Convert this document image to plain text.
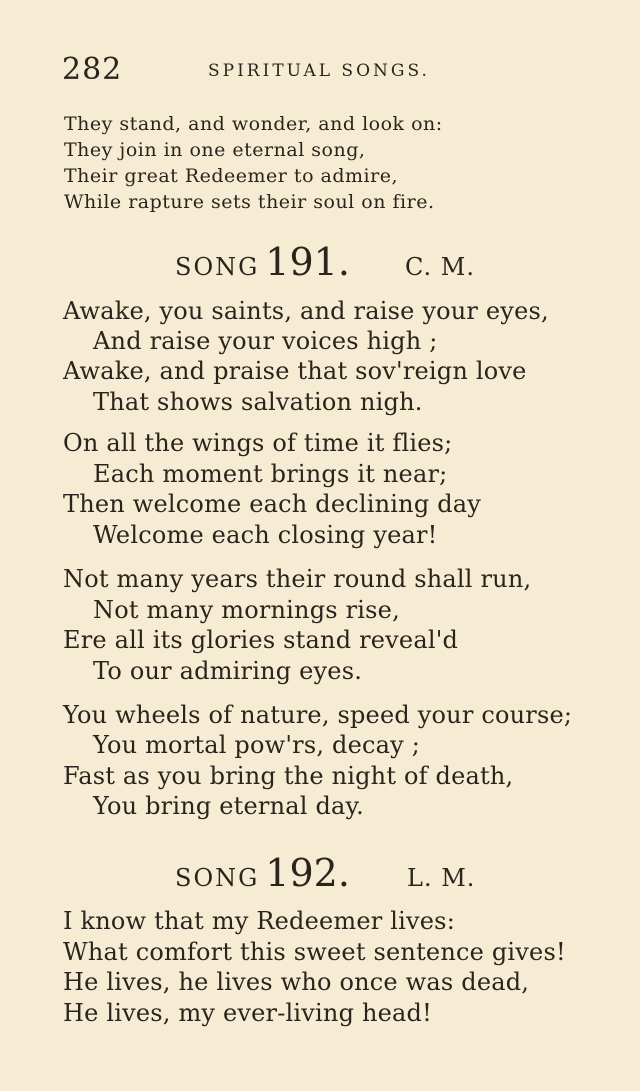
282	SPIRITUAL SONGS.
They stand, and wonder, and look on:
They join in one eternal song,
Their great Redeemer to admire,
While rapture sets their soul on fire.
SONG 191. C. M.
Awake, you saints, and raise your eyes,
And raise your voices high ;
Awake, and praise that sov'reign love
That shows salvation nigh.
On all the wings of time it flies;
Each moment brings it near;
Then welcome each declining day
Welcome each closing year!
Not many years their round shall run,
Not many mornings rise,
Ere all its glories stand reveal'd
To our admiring eyes.
You wheels of nature, speed your course;
You mortal pow'rs, decay ;
Fast as you bring the night of death,
You bring eternal day.
SONG 192. L. M.
I know that my Redeemer lives:
What comfort this sweet sentence gives!
He lives, he lives who once was dead,
He lives, my ever-living head!
